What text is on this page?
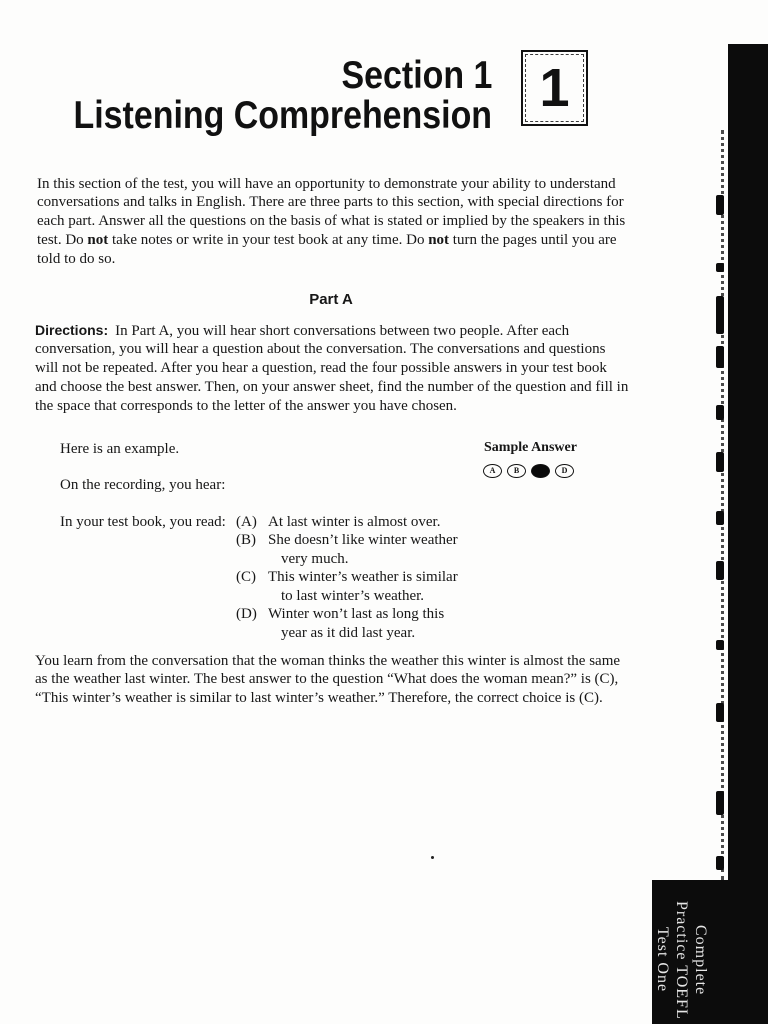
Section 1
Listening Comprehension 1
In this section of the test, you will have an opportunity to demonstrate your ability to understand
conversations and talks in English. There are three parts to this section, with special directions for
each part. Answer all the questions on the basis of what is stated or implied by the speakers in this
test. Do not take notes or write in your test book at any time. Do not turn the pages until you are
told to do so.
Part A
Directions: In Part A, you will hear short conversations between two people. After each
conversation, you will hear a question about the conversation. The conversations and questions
will not be repeated. After you hear a question, read the four possible answers in your test book
and choose the best answer. Then, on your answer sheet, find the number of the question and fill in
the space that corresponds to the letter of the answer you have chosen.
Here is an example.	Sample Answer
A	B	C	D
On the recording, you hear:
In your test book, you read: (A) At last winter is almost over.
(B) She doesn’t like winter weather
very much.
(C) This winter’s weather is similar
to last winter’s weather.
(D) Winter won’t last as long this
year as it did last year.
You learn from the conversation that the woman thinks the weather this winter is almost the same
as the weather last winter. The best answer to the question “What does the woman mean?” is (C),
“This winter’s weather is similar to last winter’s weather.” Therefore, the correct choice is (C).
Complete
Practice TOEFL
Test One
